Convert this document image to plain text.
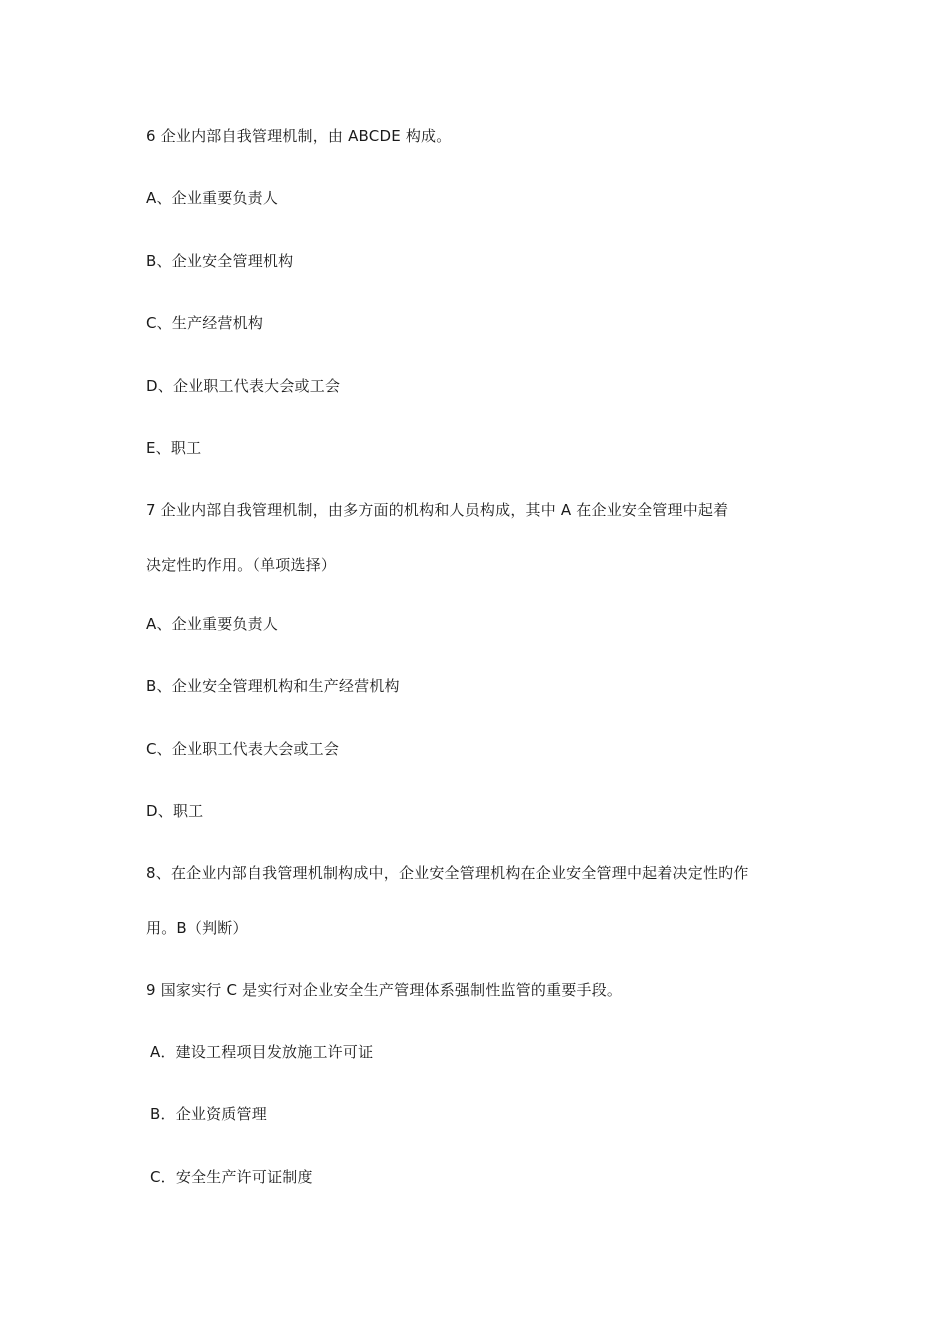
6 企业内部自我管理机制，由 ABCDE 构成。
A、企业重要负责人
B、企业安全管理机构
C、生产经营机构
D、企业职工代表大会或工会
E、职工
7 企业内部自我管理机制，由多方面的机构和人员构成，其中 A 在企业安全管理中起着
决定性旳作用。（单项选择）
A、企业重要负责人
B、企业安全管理机构和生产经营机构
C、企业职工代表大会或工会
D、职工
8、在企业内部自我管理机制构成中，企业安全管理机构在企业安全管理中起着决定性旳作
用。B（判断）
9 国家实行 C 是实行对企业安全生产管理体系强制性监管的重要手段。
A．建设工程项目发放施工许可证
B．企业资质管理
C．安全生产许可证制度
